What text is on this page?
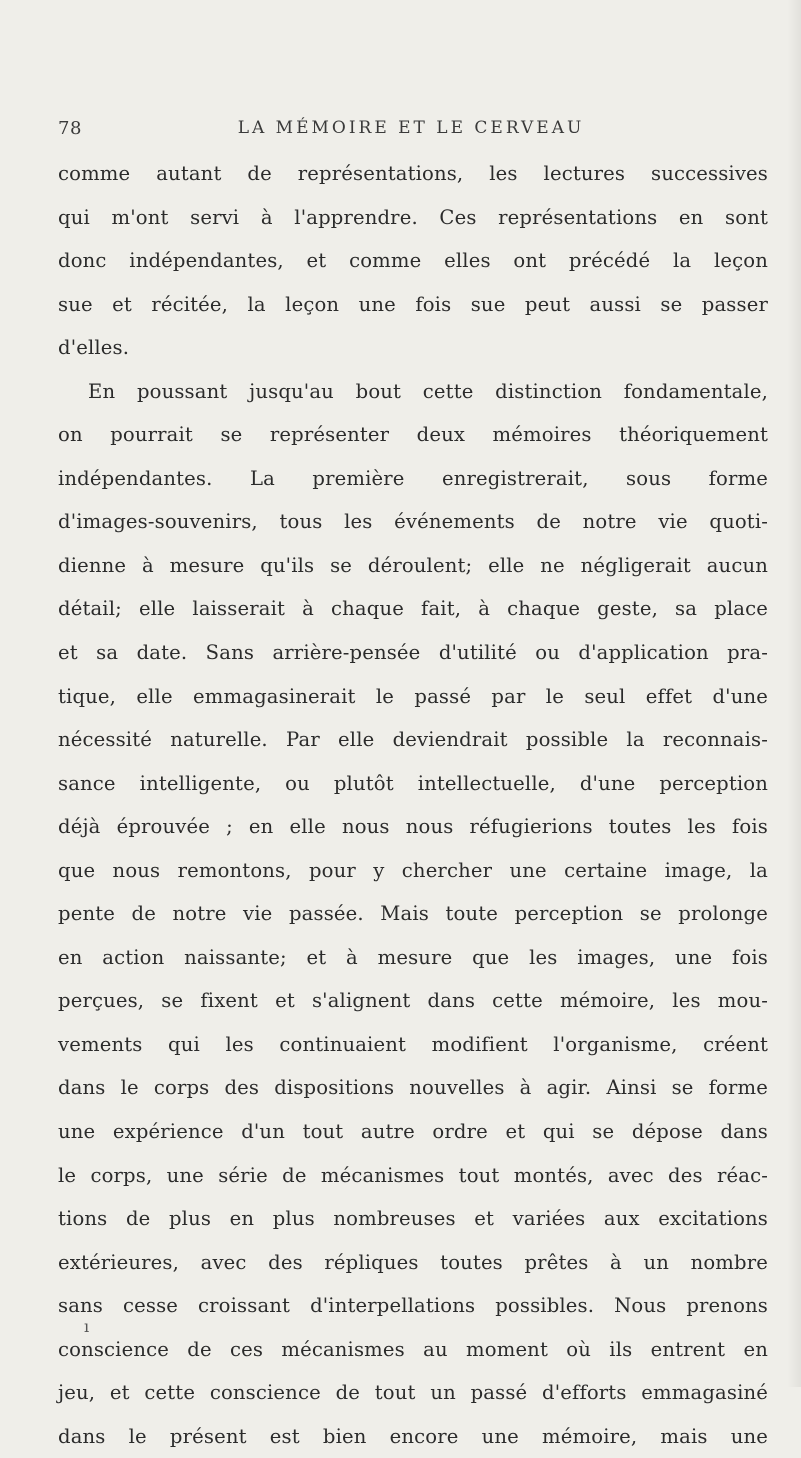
78	LA MÉMOIRE ET LE CERVEAU
comme autant de représentations, les lectures successives
qui m'ont servi à l'apprendre. Ces représentations en sont
donc indépendantes, et comme elles ont précédé la leçon
sue et récitée, la leçon une fois sue peut aussi se passer
d'elles.
En poussant jusqu'au bout cette distinction fondamentale,
on pourrait se représenter deux mémoires théoriquement
indépendantes. La première enregistrerait, sous forme
d'images-souvenirs, tous les événements de notre vie quoti-
dienne à mesure qu'ils se déroulent; elle ne négligerait aucun
détail; elle laisserait à chaque fait, à chaque geste, sa place
et sa date. Sans arrière-pensée d'utilité ou d'application pra-
tique, elle emmagasinerait le passé par le seul effet d'une
nécessité naturelle. Par elle deviendrait possible la reconnais-
sance intelligente, ou plutôt intellectuelle, d'une perception
déjà éprouvée ; en elle nous nous réfugierions toutes les fois
que nous remontons, pour y chercher une certaine image, la
pente de notre vie passée. Mais toute perception se prolonge
en action naissante; et à mesure que les images, une fois
perçues, se fixent et s'alignent dans cette mémoire, les mou-
vements qui les continuaient modifient l'organisme, créent
dans le corps des dispositions nouvelles à agir. Ainsi se forme
une expérience d'un tout autre ordre et qui se dépose dans
le corps, une série de mécanismes tout montés, avec des réac-
tions de plus en plus nombreuses et variées aux excitations
extérieures, avec des répliques toutes prêtes à un nombre
sans cesse croissant d'interpellations possibles. Nous prenons
conscience de ces mécanismes au moment où ils entrent en
jeu, et cette conscience de tout un passé d'efforts emmagasiné
dans le présent est bien encore une mémoire, mais une
ı
